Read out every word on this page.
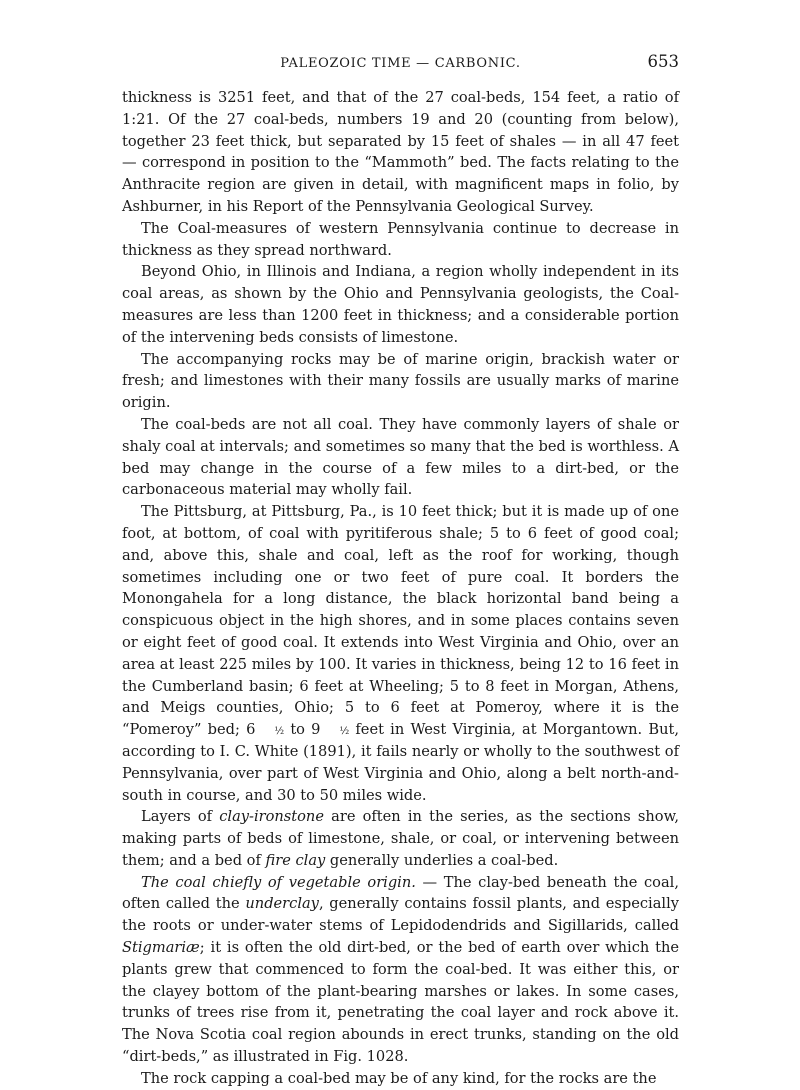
PALEOZOIC TIME — CARBONIC.	653

thickness is 3251 feet, and that of the 27 coal-beds, 154 feet, a ratio of 1:21. Of the 27 coal-beds, numbers 19 and 20 (counting from below), together 23 feet thick, but separated by 15 feet of shales — in all 47 feet — correspond in position to the “Mammoth” bed. The facts relating to the Anthracite region are given in detail, with magnificent maps in folio, by Ashburner, in his Report of the Pennsylvania Geological Survey.

The Coal-measures of western Pennsylvania continue to decrease in thickness as they spread northward.

Beyond Ohio, in Illinois and Indiana, a region wholly independent in its coal areas, as shown by the Ohio and Pennsylvania geologists, the Coal-measures are less than 1200 feet in thickness; and a considerable portion of the intervening beds consists of limestone.

The accompanying rocks may be of marine origin, brackish water or fresh; and limestones with their many fossils are usually marks of marine origin.

The coal-beds are not all coal. They have commonly layers of shale or shaly coal at intervals; and sometimes so many that the bed is worthless. A bed may change in the course of a few miles to a dirt-bed, or the carbonaceous material may wholly fail.

The Pittsburg, at Pittsburg, Pa., is 10 feet thick; but it is made up of one foot, at bottom, of coal with pyritiferous shale; 5 to 6 feet of good coal; and, above this, shale and coal, left as the roof for working, though sometimes including one or two feet of pure coal. It borders the Monongahela for a long distance, the black horizontal band being a conspicuous object in the high shores, and in some places contains seven or eight feet of good coal. It extends into West Virginia and Ohio, over an area at least 225 miles by 100. It varies in thickness, being 12 to 16 feet in the Cumberland basin; 6 feet at Wheeling; 5 to 8 feet in Morgan, Athens, and Meigs counties, Ohio; 5 to 6 feet at Pomeroy, where it is the “Pomeroy” bed; 6 ½ to 9 ½ feet in West Virginia, at Morgantown. But, according to I. C. White (1891), it fails nearly or wholly to the southwest of Pennsylvania, over part of West Virginia and Ohio, along a belt north-and-south in course, and 30 to 50 miles wide.

Layers of clay-ironstone are often in the series, as the sections show, making parts of beds of limestone, shale, or coal, or intervening between them; and a bed of fire clay generally underlies a coal-bed.

The coal chiefly of vegetable origin. — The clay-bed beneath the coal, often called the underclay, generally contains fossil plants, and especially the roots or under-water stems of Lepidodendrids and Sigillarids, called Stigmariæ; it is often the old dirt-bed, or the bed of earth over which the plants grew that commenced to form the coal-bed. It was either this, or the clayey bottom of the plant-bearing marshes or lakes. In some cases, trunks of trees rise from it, penetrating the coal layer and rock above it. The Nova Scotia coal region abounds in erect trunks, standing on the old “dirt-beds,” as illustrated in Fig. 1028.

The rock capping a coal-bed may be of any kind, for the rocks are the
